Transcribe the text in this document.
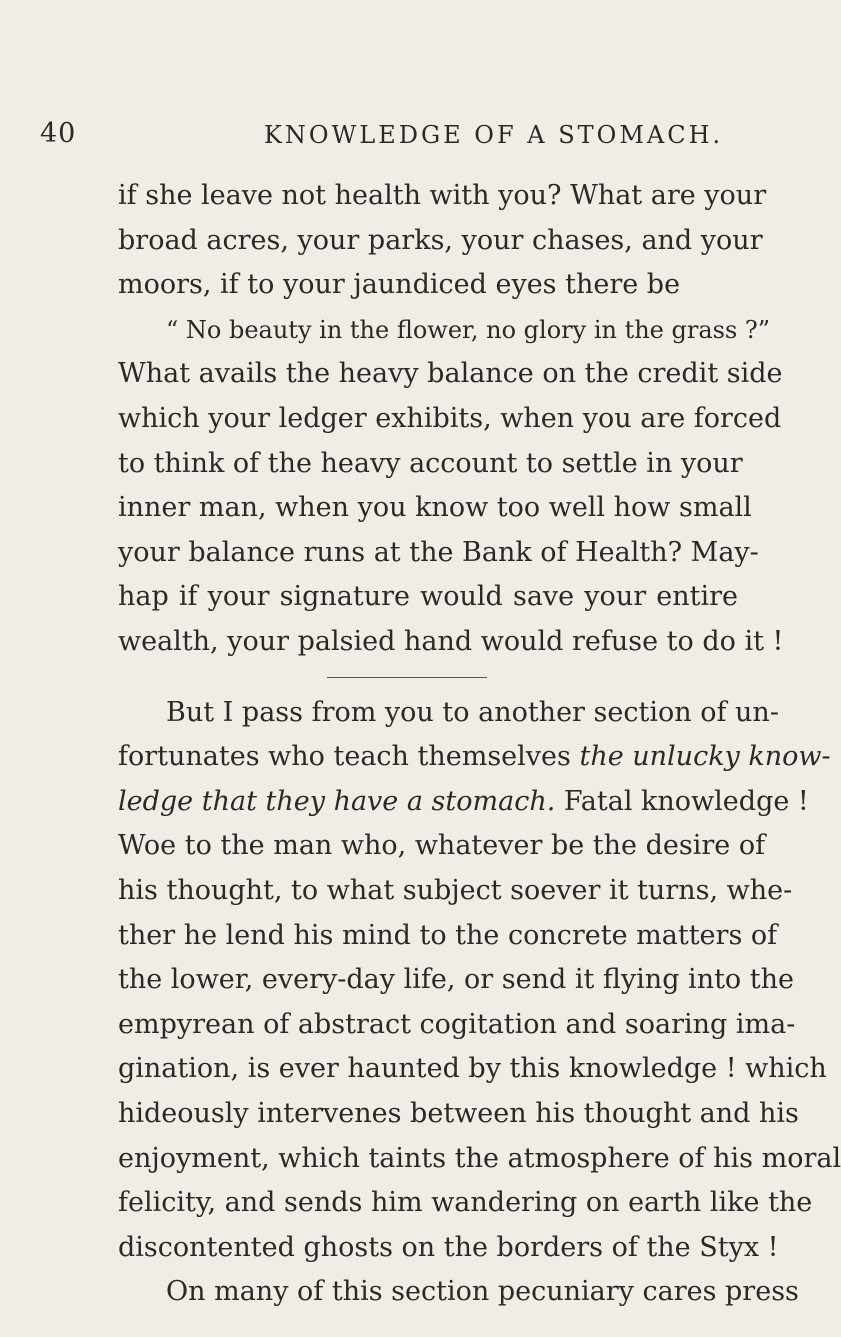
40	KNOWLEDGE OF A STOMACH.
if she leave not health with you? What are your
broad acres, your parks, your chases, and your
moors, if to your jaundiced eyes there be
“ No beauty in the flower, no glory in the grass ?”
What avails the heavy balance on the credit side
which your ledger exhibits, when you are forced
to think of the heavy account to settle in your
inner man, when you know too well how small
your balance runs at the Bank of Health? May-
hap if your signature would save your entire
wealth, your palsied hand would refuse to do it !
But I pass from you to another section of un-
fortunates who teach themselves the unlucky know-
ledge that they have a stomach. Fatal knowledge !
Woe to the man who, whatever be the desire of
his thought, to what subject soever it turns, whe-
ther he lend his mind to the concrete matters of
the lower, every-day life, or send it flying into the
empyrean of abstract cogitation and soaring ima-
gination, is ever haunted by this knowledge ! which
hideously intervenes between his thought and his
enjoyment, which taints the atmosphere of his moral
felicity, and sends him wandering on earth like the
discontented ghosts on the borders of the Styx !
On many of this section pecuniary cares press
